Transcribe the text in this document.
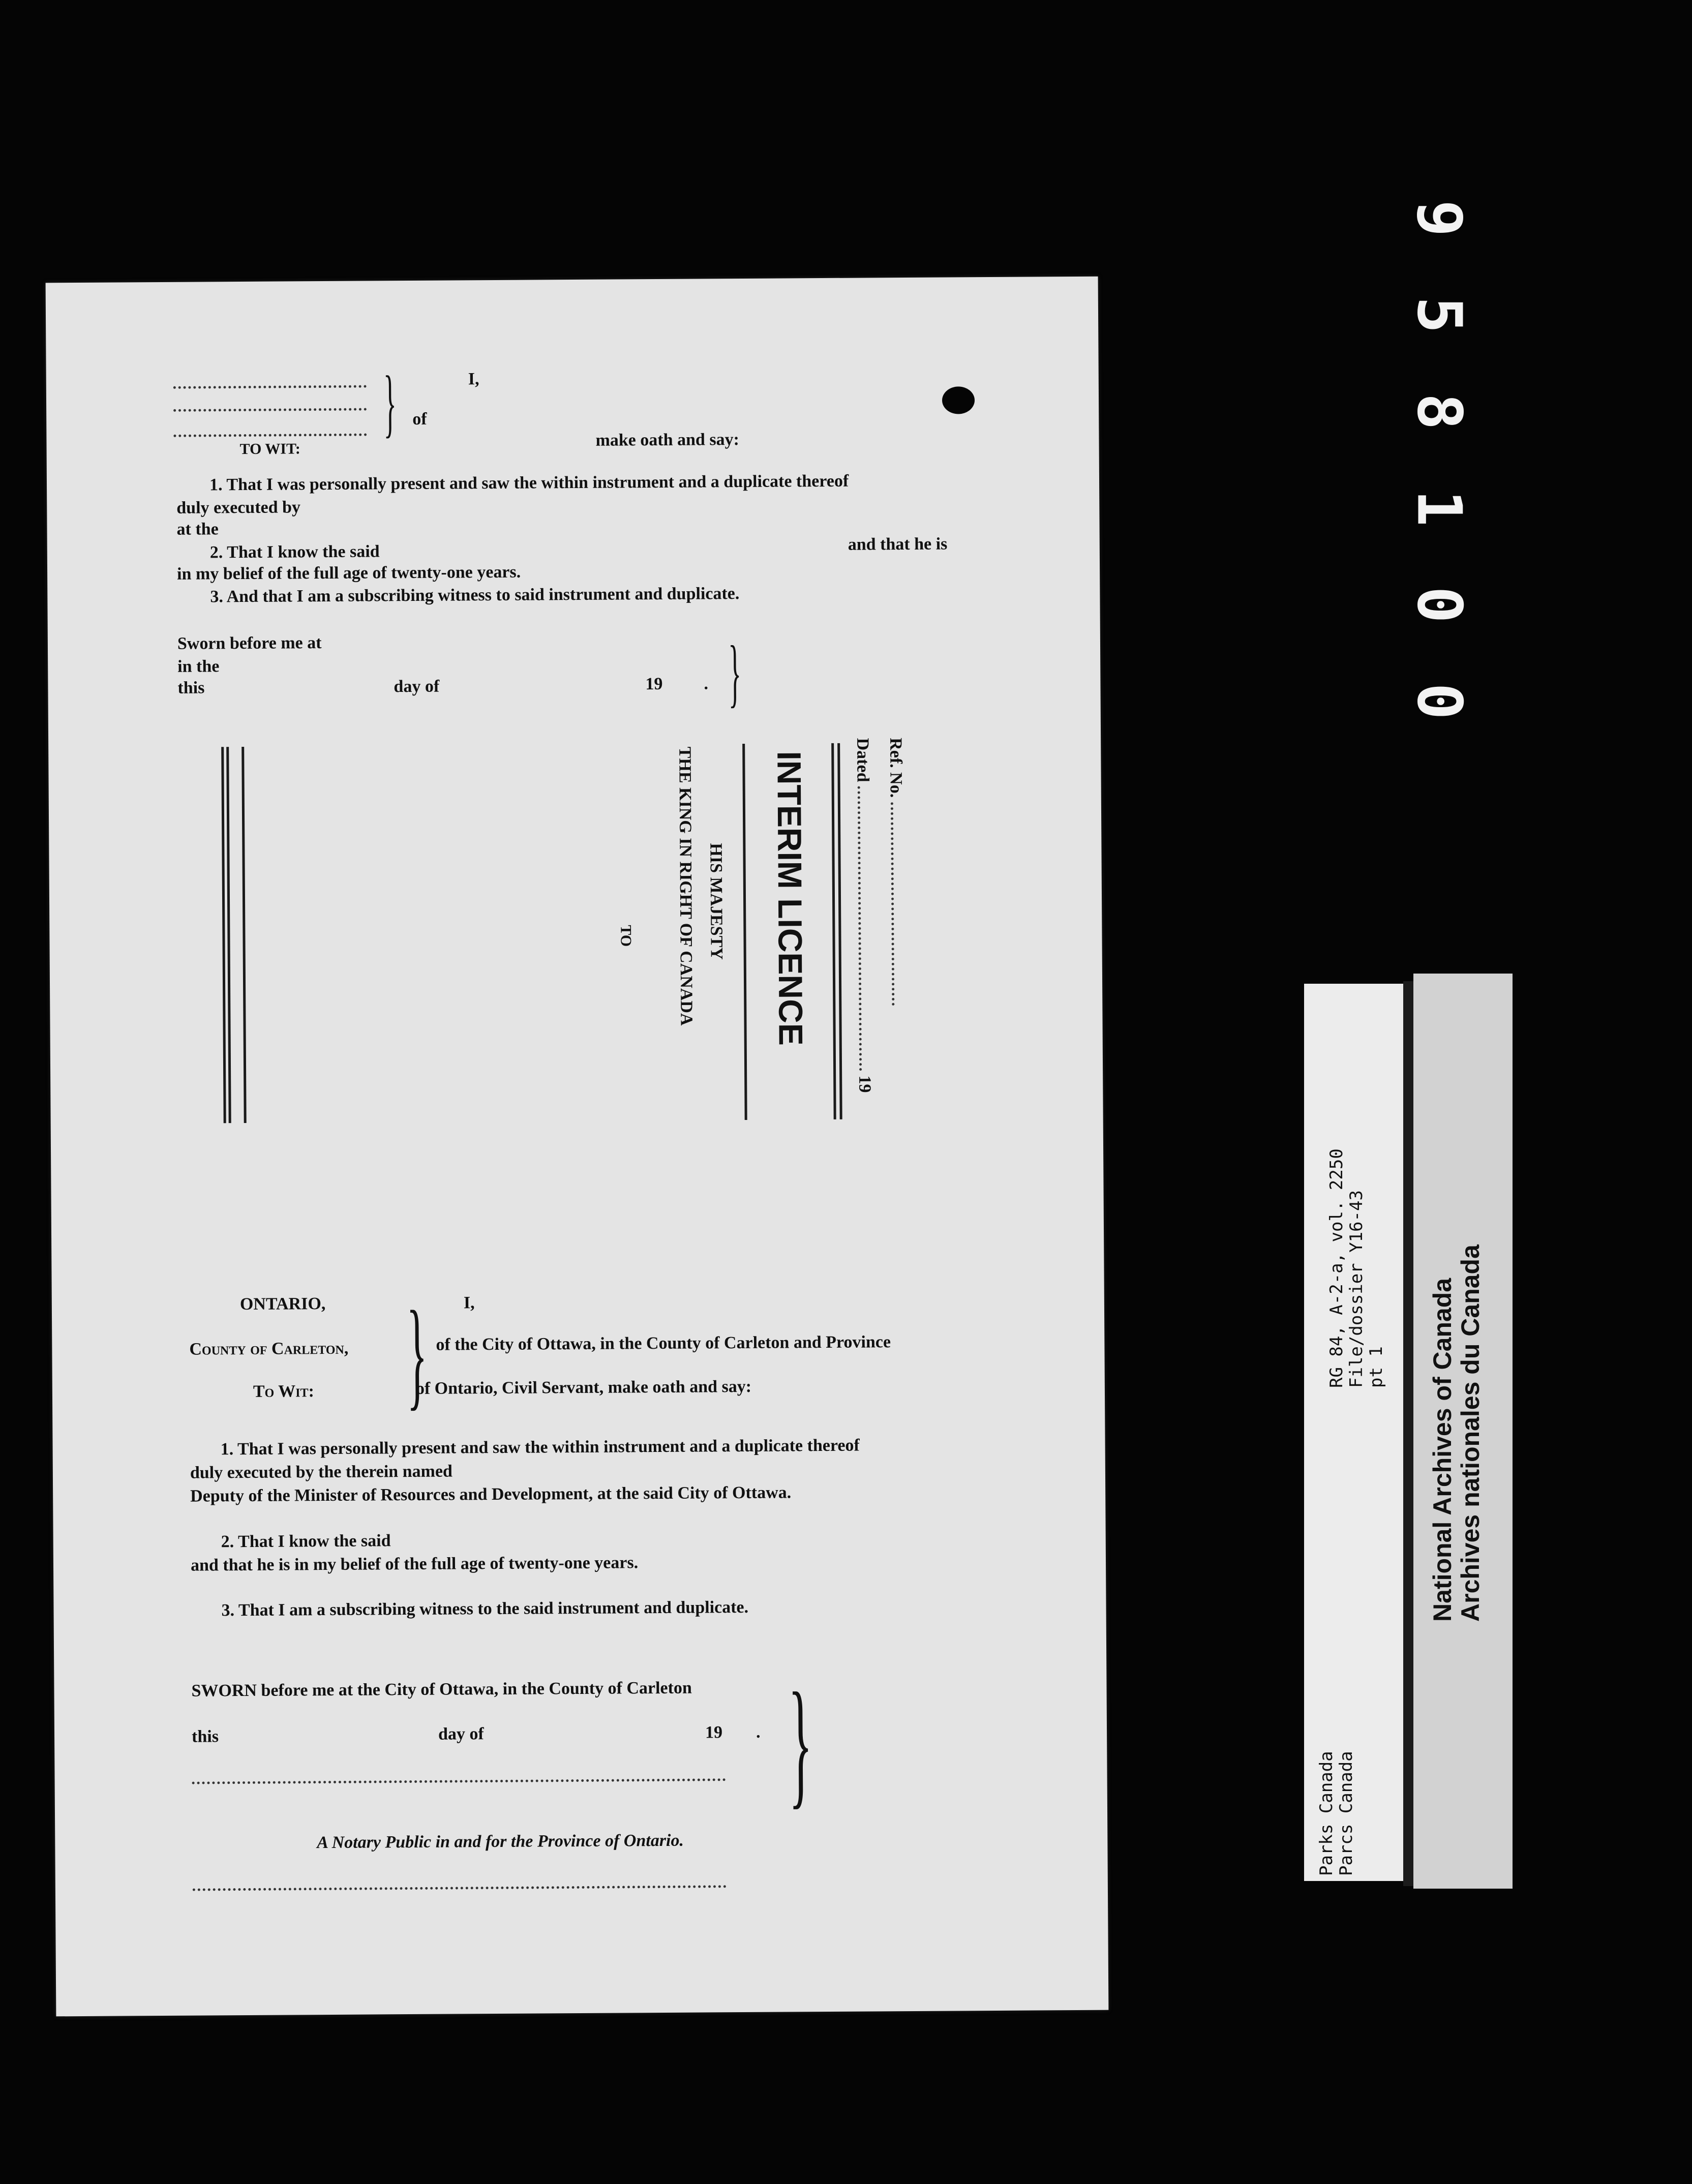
9
5
8
1
0
0
Parks Canada Parcs Canada
RG 84, A-2-a, vol. 2250 File/dossier Y16-43 pt 1 National Archives of Canada Archives nationales du Canada
}	I,
of
TO WIT:	make oath and say:
1. That I was personally present and saw the within instrument and a duplicate thereof
duly executed by
at the
2. That I know the said	and that he is
in my belief of the full age of twenty-one years.
3. And that I am a subscribing witness to said instrument and duplicate.
Sworn before me at
in the
this	day of	19 . }
Ref. No.
Dated  19
INTERIM LICENCE
HIS MAJESTY
THE KING IN RIGHT OF CANADA
TO
ONTARIO,
County of Carleton,
To Wit: } I,
of the City of Ottawa, in the County of Carleton and Province
of Ontario, Civil Servant, make oath and say:
1. That I was personally present and saw the within instrument and a duplicate thereof
duly executed by the therein named
Deputy of the Minister of Resources and Development, at the said City of Ottawa.
2. That I know the said
and that he is in my belief of the full age of twenty-one years.
3. That I am a subscribing witness to the said instrument and duplicate.
SWORN before me at the City of Ottawa, in the County of Carleton }
this	day of	19 .
A Notary Public in and for the Province of Ontario.
